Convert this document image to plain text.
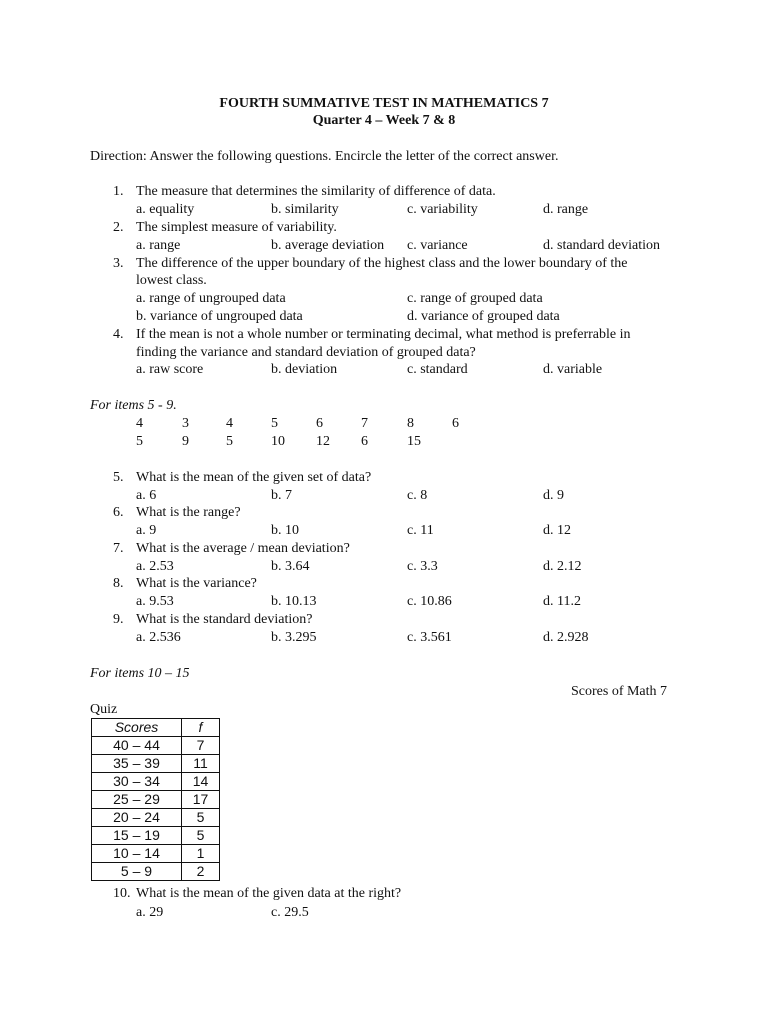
FOURTH SUMMATIVE TEST IN MATHEMATICS 7
Quarter 4 – Week 7 & 8
Direction: Answer the following questions. Encircle the letter of the correct answer.
1. The measure that determines the similarity of difference of data.
a. equality	b. similarity	c. variability	d. range
2. The simplest measure of variability.
a. range	b. average deviation c. variance	d. standard deviation
3. The difference of the upper boundary of the highest class and the lower boundary of the
lowest class.
a. range of ungrouped data	c. range of grouped data
b. variance of ungrouped data	d. variance of grouped data
4. If the mean is not a whole number or terminating decimal, what method is preferrable in
finding the variance and standard deviation of grouped data?
a. raw score	b. deviation	c. standard	d. variable
For items 5 - 9.
4	3	4	5	6	7	8	6
5	9	5	10 12 6	15
5. What is the mean of the given set of data?
a. 6	b. 7	c. 8	d. 9
6. What is the range?
a. 9	b. 10	c. 11	d. 12
7. What is the average / mean deviation?
a. 2.53	b. 3.64	c. 3.3	d. 2.12
8. What is the variance?
a. 9.53	b. 10.13	c. 10.86	d. 11.2
9. What is the standard deviation?
a. 2.536	b. 3.295	c. 3.561	d. 2.928
For items 10 – 15
Scores of Math 7
Quiz
Scores	f
40 – 44	7
35 – 39	11
30 – 34	14
25 – 29	17
20 – 24	5
15 – 19	5
10 – 14	1
5 – 9	2
10. What is the mean of the given data at the right?
a. 29	c. 29.5
